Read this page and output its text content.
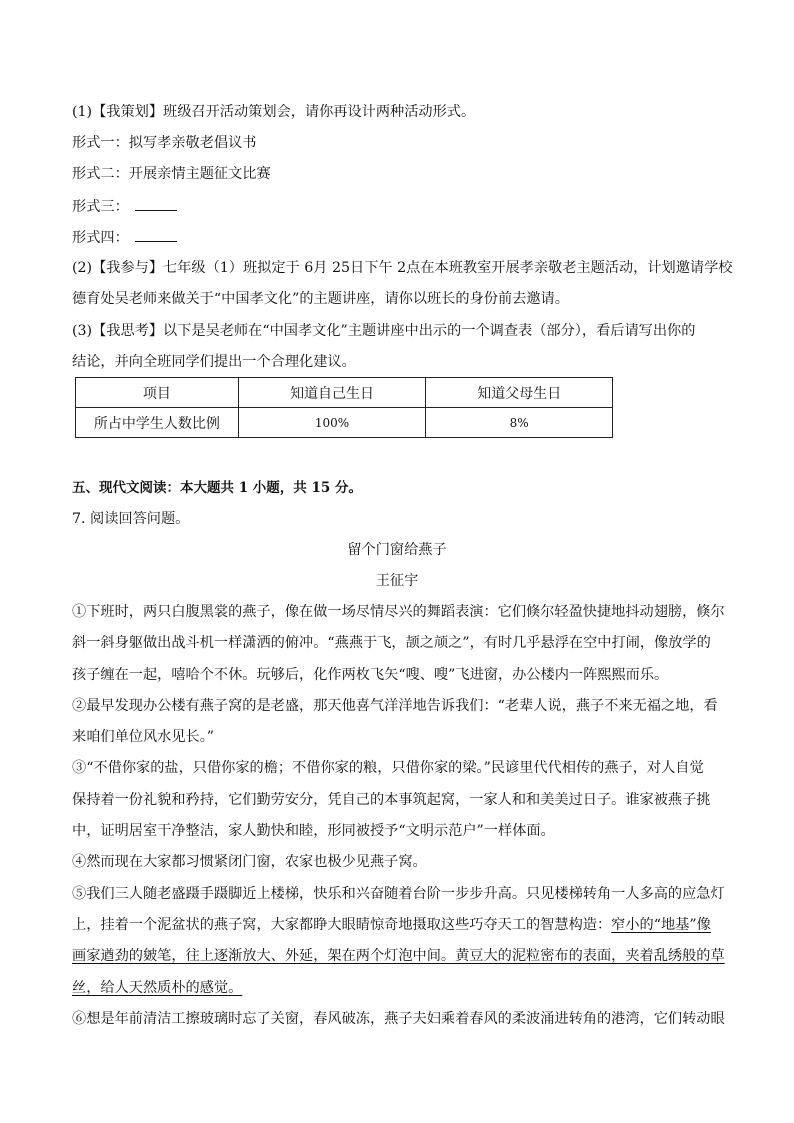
(1)【我策划】班级召开活动策划会，请你再设计两种活动形式。
形式一：拟写孝亲敬老倡议书
形式二：开展亲情主题征文比赛
形式三：
形式四：
(2)【我参与】七年级（1）班拟定于 6月 25日下午 2点在本班教室开展孝亲敬老主题活动，计划邀请学校
德育处吴老师来做关于“中国孝文化”的主题讲座，请你以班长的身份前去邀请。
(3)【我思考】以下是吴老师在“中国孝文化”主题讲座中出示的一个调查表（部分），看后请写出你的
结论，并向全班同学们提出一个合理化建议。
项目	知道自己生日	知道父母生日
所占中学生人数比例	100%	8%
五、现代文阅读：本大题共 1 小题，共 15 分。
7. 阅读回答问题。
留个门窗给燕子
王征宇
①下班时，两只白腹黑裳的燕子，像在做一场尽情尽兴的舞蹈表演：它们倏尔轻盈快捷地抖动翅膀，倏尔
斜一斜身躯做出战斗机一样潇洒的俯冲。“燕燕于飞，颉之颃之”，有时几乎悬浮在空中打闹，像放学的
孩子缠在一起，嘻哈个不休。玩够后，化作两枚飞矢“嗖、嗖”飞进窗，办公楼内一阵熙熙而乐。
②最早发现办公楼有燕子窝的是老盛，那天他喜气洋洋地告诉我们：“老辈人说，燕子不来无福之地，看
来咱们单位风水见长。”
③“不借你家的盐，只借你家的檐；不借你家的粮，只借你家的梁。”民谚里代代相传的燕子，对人自觉
保持着一份礼貌和矜持，它们勤劳安分，凭自己的本事筑起窝，一家人和和美美过日子。谁家被燕子挑
中，证明居室干净整洁，家人勤快和睦，形同被授予“文明示范户”一样体面。
④然而现在大家都习惯紧闭门窗，农家也极少见燕子窝。
⑤我们三人随老盛蹑手蹑脚近上楼梯，快乐和兴奋随着台阶一步步升高。只见楼梯转角一人多高的应急灯
上，挂着一个泥盆状的燕子窝，大家都睁大眼睛惊奇地摄取这些巧夺天工的智慧构造：窄小的“地基”像
画家遒劲的皴笔，往上逐渐放大、外延，架在两个灯泡中间。黄豆大的泥粒密布的表面，夹着乱绣般的草
丝，给人天然质朴的感觉。
⑥想是年前清洁工擦玻璃时忘了关窗，春风破冻，燕子夫妇乘着春风的柔波涌进转角的港湾，它们转动眼
